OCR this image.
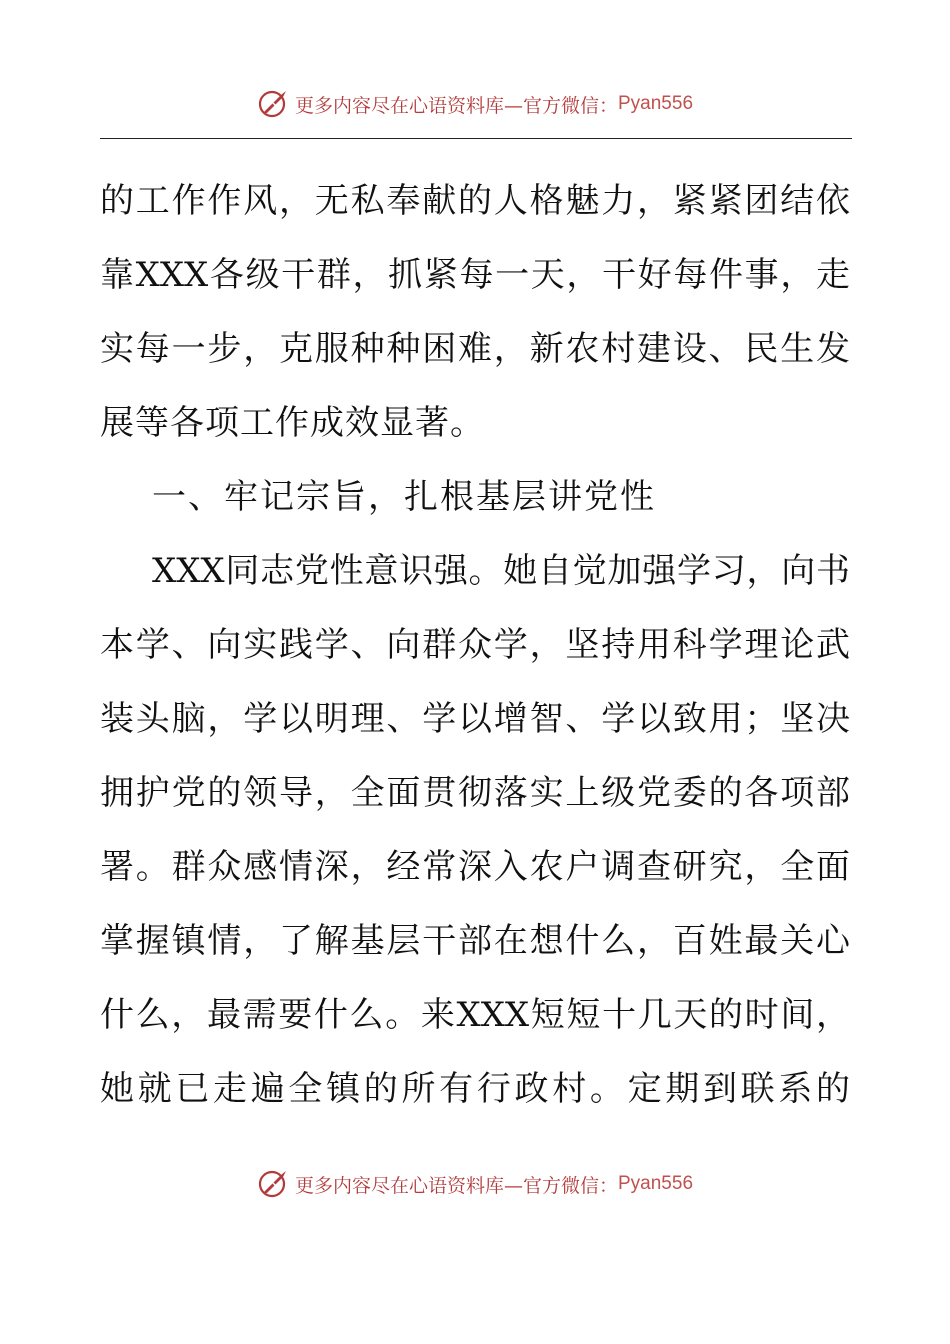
更多内容尽在心语资料库—官方微信： Pyan556
的工作作风，无私奉献的人格魅力，紧紧团结依
靠XXX各级干群，抓紧每一天，干好每件事，走
实每一步，克服种种困难，新农村建设、民生发
展等各项工作成效显著。
一、牢记宗旨，扎根基层讲党性
XXX同志党性意识强。她自觉加强学习，向书
本学、向实践学、向群众学，坚持用科学理论武
装头脑，学以明理、学以增智、学以致用；坚决
拥护党的领导，全面贯彻落实上级党委的各项部
署。群众感情深，经常深入农户调查研究，全面
掌握镇情，了解基层干部在想什么，百姓最关心
什么，最需要什么。来XXX短短十几天的时间，
她就已走遍全镇的所有行政村。定期到联系的
更多内容尽在心语资料库—官方微信： Pyan556
